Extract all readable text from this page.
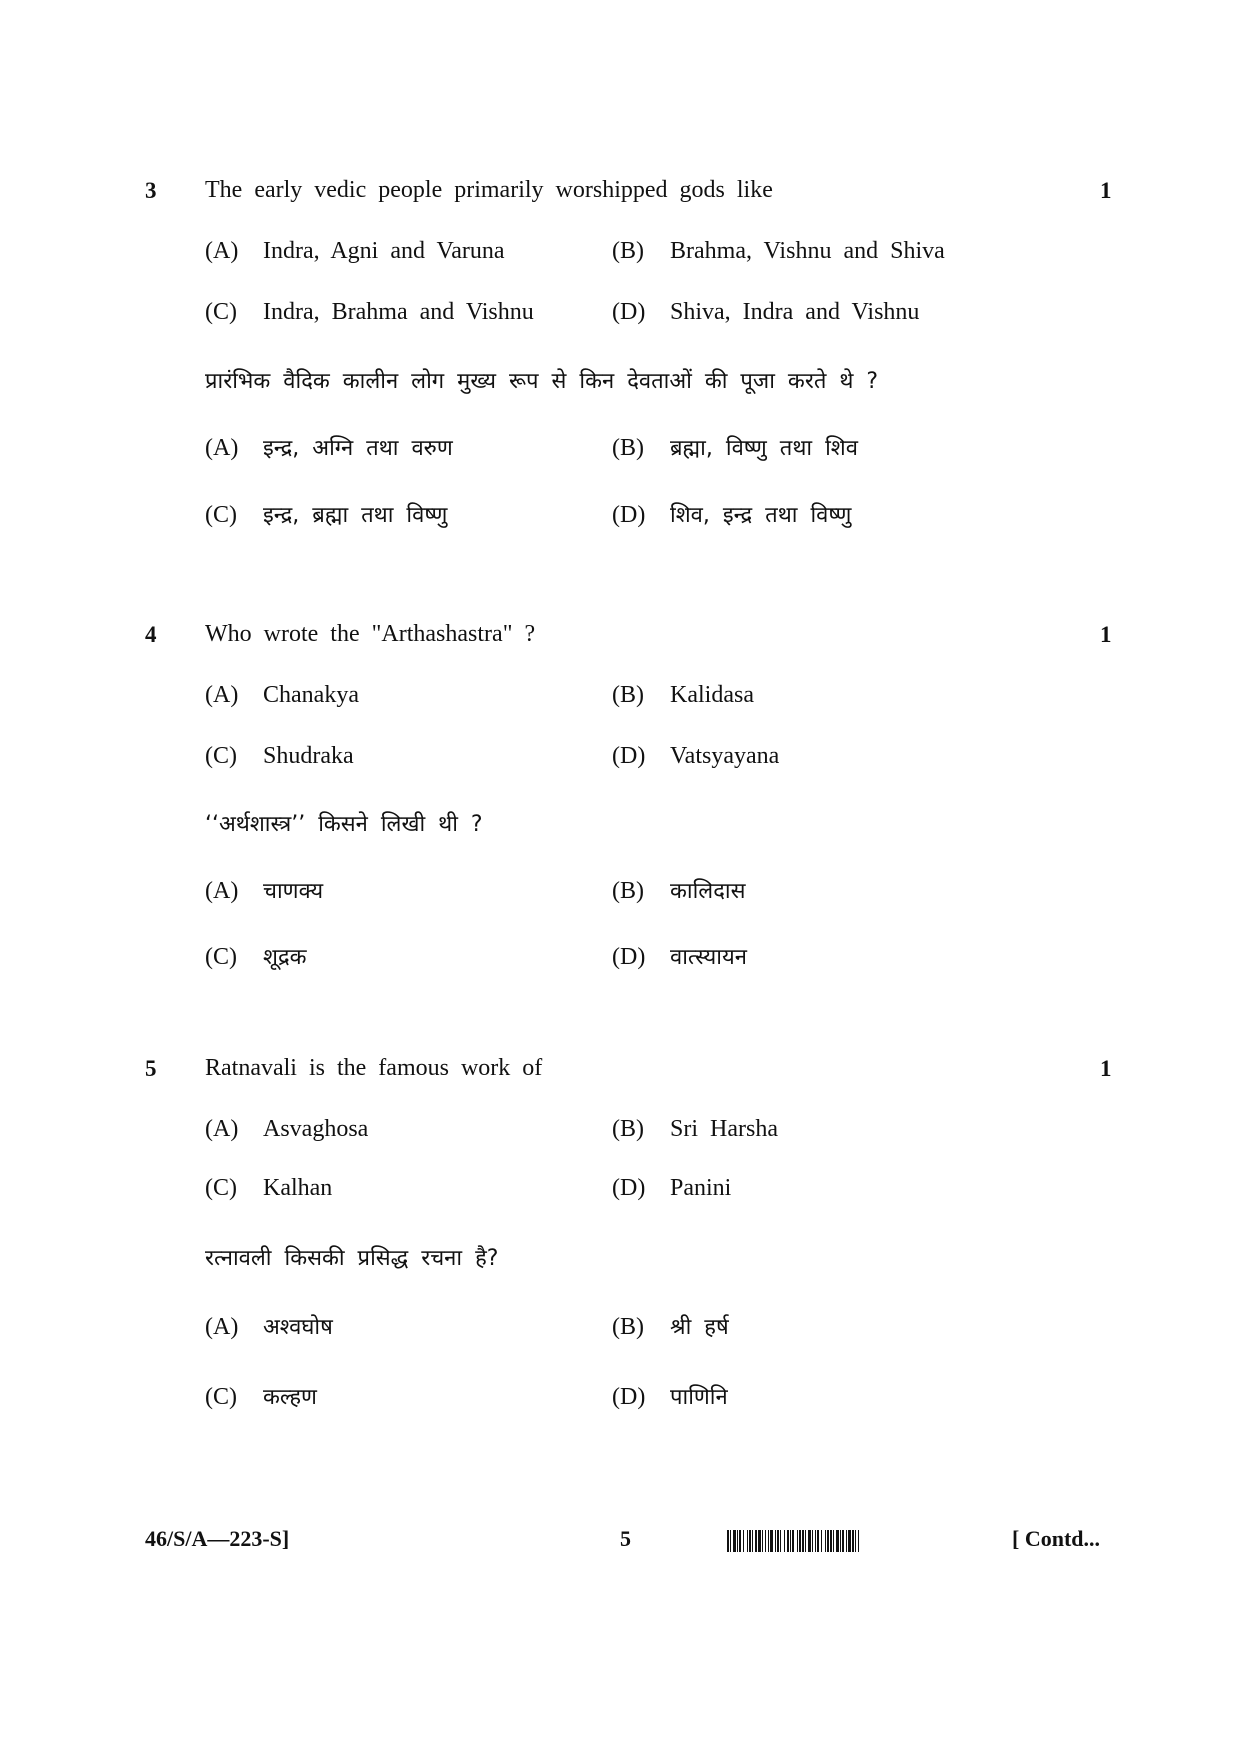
3 The early vedic people primarily worshipped gods like	1
(A) Indra, Agni and Varuna	(B) Brahma, Vishnu and Shiva
(C) Indra, Brahma and Vishnu	(D) Shiva, Indra and Vishnu
प्रारंभिक वैदिक कालीन लोग मुख्य रूप से किन देवताओं की पूजा करते थे ?
(A) इन्द्र, अग्नि तथा वरुण	(B) ब्रह्मा, विष्णु तथा शिव
(C) इन्द्र, ब्रह्मा तथा विष्णु	(D) शिव, इन्द्र तथा विष्णु
4 Who wrote the "Arthashastra" ?	1
(A) Chanakya	(B) Kalidasa
(C) Shudraka	(D) Vatsyayana
‘‘अर्थशास्त्र’’ किसने लिखी थी ?
(A) चाणक्य	(B) कालिदास
(C) शूद्रक	(D) वात्स्यायन
5 Ratnavali is the famous work of	1
(A) Asvaghosa	(B) Sri Harsha
(C) Kalhan	(D) Panini
रत्नावली किसकी प्रसिद्ध रचना है?
(A) अश्वघोष	(B) श्री हर्ष
(C) कल्हण	(D) पाणिनि
46/S/A—223-S]	5	[ Contd...
